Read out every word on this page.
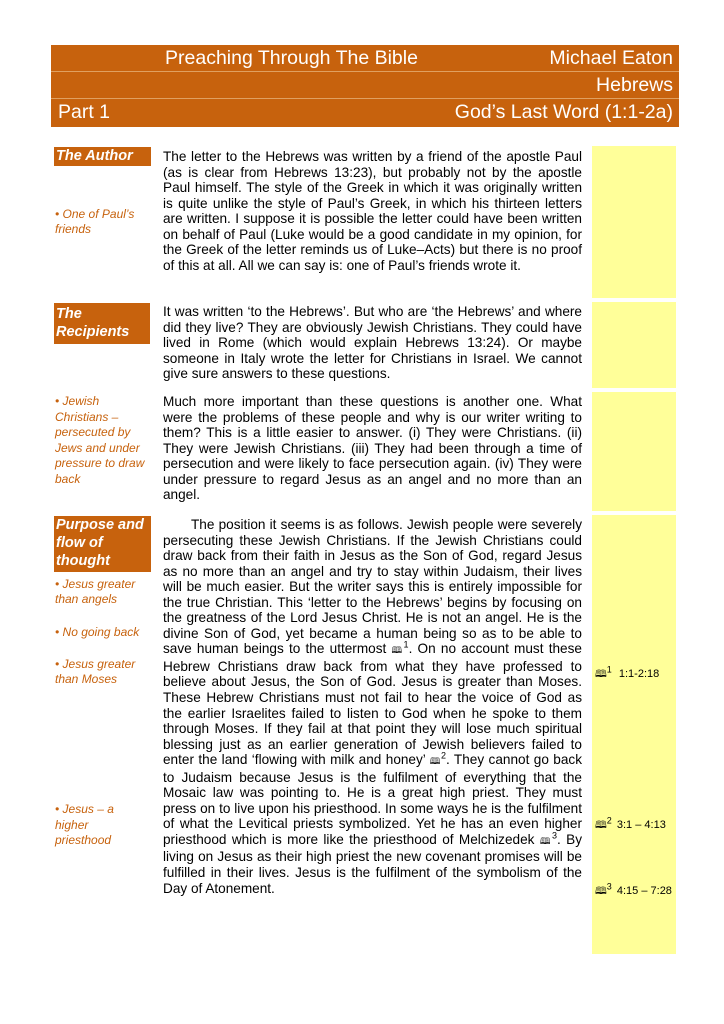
Preaching Through The Bible	Michael Eaton
Hebrews
Part 1	God’s Last Word (1:1-2a)
The Author
• One of Paul’s friends
The Recipients
• Jewish Christians – persecuted by Jews and under pressure to draw back
Purpose and flow of thought
• Jesus greater than angels
• No going back
• Jesus greater than Moses
• Jesus – a higher priesthood
The letter to the Hebrews was written by a friend of the apostle Paul (as is clear from Hebrews 13:23), but probably not by the apostle Paul himself. The style of the Greek in which it was originally written is quite unlike the style of Paul’s Greek, in which his thirteen letters are written. I suppose it is possible the letter could have been written on behalf of Paul (Luke would be a good candidate in my opinion, for the Greek of the letter reminds us of Luke–Acts) but there is no proof of this at all. All we can say is: one of Paul’s friends wrote it.
It was written ‘to the Hebrews’. But who are ‘the Hebrews’ and where did they live? They are obviously Jewish Christians. They could have lived in Rome (which would explain Hebrews 13:24). Or maybe someone in Italy wrote the letter for Christians in Israel. We cannot give sure answers to these questions.
Much more important than these questions is another one. What were the problems of these people and why is our writer writing to them? This is a little easier to answer. (i) They were Christians. (ii) They were Jewish Christians. (iii) They had been through a time of persecution and were likely to face persecution again. (iv) They were under pressure to regard Jesus as an angel and no more than an angel.
The position it seems is as follows. Jewish people were severely persecuting these Jewish Christians. If the Jewish Christians could draw back from their faith in Jesus as the Son of God, regard Jesus as no more than an angel and try to stay within Judaism, their lives will be much easier. But the writer says this is entirely impossible for the true Christian. This ‘letter to the Hebrews’ begins by focusing on the greatness of the Lord Jesus Christ. He is not an angel. He is the divine Son of God, yet became a human being so as to be able to save human beings to the uttermost 🕮$^1$. On no account must these Hebrew Christians draw back from what they have professed to believe about Jesus, the Son of God. Jesus is greater than Moses. These Hebrew Christians must not fail to hear the voice of God as the earlier Israelites failed to listen to God when he spoke to them through Moses. If they fail at that point they will lose much spiritual blessing just as an earlier generation of Jewish believers failed to enter the land ‘flowing with milk and honey’ 🕮$^2$. They cannot go back to Judaism because Jesus is the fulfilment of everything that the Mosaic law was pointing to. He is a great high priest. They must press on to live upon his priesthood. In some ways he is the fulfilment of what the Levitical priests symbolized. Yet he has an even higher priesthood which is more like the priesthood of Melchizedek 🕮$^3$. By living on Jesus as their high priest the new covenant promises will be fulfilled in their lives. Jesus is the fulfilment of the symbolism of the Day of Atonement.
🕮$^1$ 1:1-2:18
🕮$^2$ 3:1 – 4:13
🕮$^3$ 4:15 – 7:28
